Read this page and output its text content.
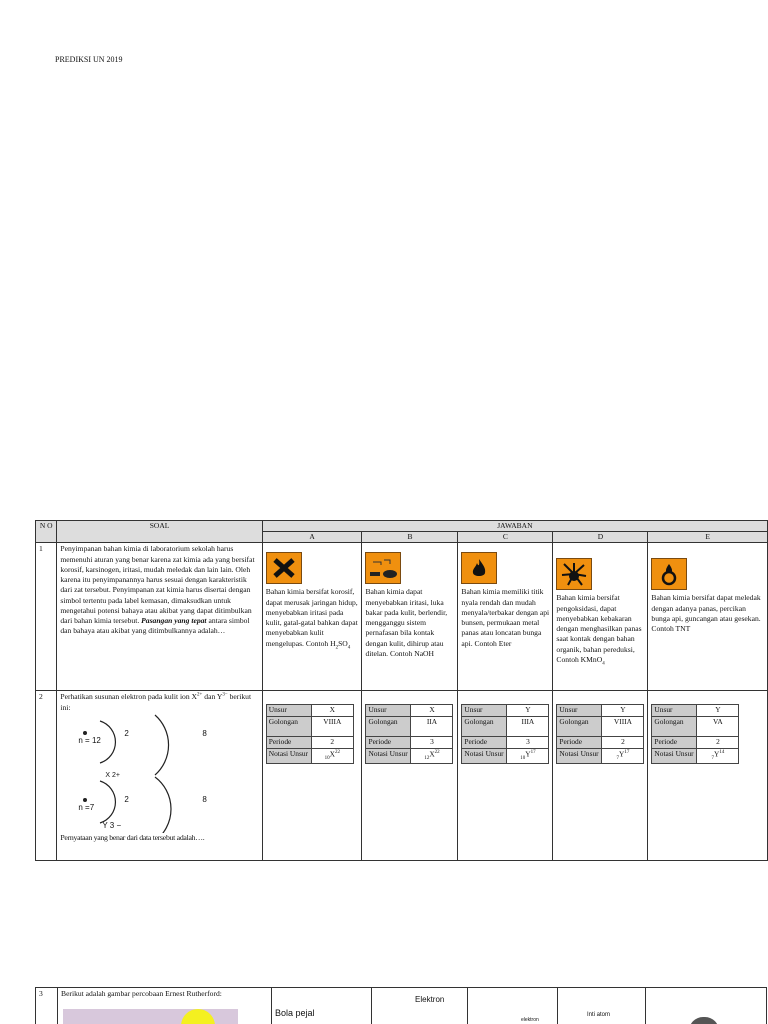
PREDIKSI UN 2019
N O	SOAL	JAWABAN
A	B	C	D	E
1	Penyimpanan bahan kimia di laboratorium sekolah harus memenuhi aturan yang benar karena zat kimia ada yang bersifat korosif, karsinogen, iritasi, mudah meledak dan lain lain. Oleh karena itu penyimpanannya harus sesuai dengan karakteristik dari zat tersebut. Penyimpanan zat kimia harus disertai dengan simbol tertentu pada label kemasan, dimaksudkan untuk mengetahui potensi bahaya atau akibat yang dapat ditimbulkan dari bahan kimia tersebut. Pasangan yang tepat antara simbol dan bahaya atau akibat yang ditimbulkannya adalah…	
Bahan kimia bersifat korosif, dapat merusak jaringan hidup, menyebabkan iritasi pada kulit, gatal-gatal bahkan dapat menyebabkan kulit mengelupas. Contoh $H_2SO_4$	
Bahan kimia dapat menyebabkan iritasi, luka bakar pada kulit, berlendir, mengganggu sistem pernafasan bila kontak dengan kulit, dihirup atau ditelan. Contoh NaOH	
Bahan kimia memiliki titik nyala rendah dan mudah menyala/terbakar dengan api bunsen, permukaan metal panas atau loncatan bunga api. Contoh Eter	
Bahan kimia bersifat pengoksidasi, dapat menyebabkan kebakaran dengan menghasilkan panas saat kontak dengan bahan organik, bahan pereduksi, Contoh KMnO$_4$	
Bahan kimia bersifat dapat meledak dengan adanya panas, percikan bunga api, guncangan atau gesekan. Contoh TNT
2	Perhatikan susunan elektron pada kulit ion $X^{2+}$ dan $Y^{3-}$ berikut ini:
n = 12
2	8
X 2+
n =7
2	8
Y 3 −
Pernyataan yang benar dari data tersebut adalah….

Unsur	X
Golongan	VIIIA
Periode	2
Notasi Unsur	$_{10}X^{22}$

Unsur	X
Golongan	IIA
Periode	3
Notasi Unsur	$_{12}X^{22}$

Unsur	Y
Golongan	IIIA
Periode	3
Notasi Unsur	$_{10}Y^{17}$

Unsur	Y
Golongan	VIIIA
Periode	2
Notasi Unsur	$_7Y^{17}$

Unsur	Y
Golongan	VA
Periode	2
Notasi Unsur	$_7Y^{14}$
3	Berikut adalah gambar percobaan Ernest Rutherford:

Bola pejal

Elektron

elektron

Inti atom
